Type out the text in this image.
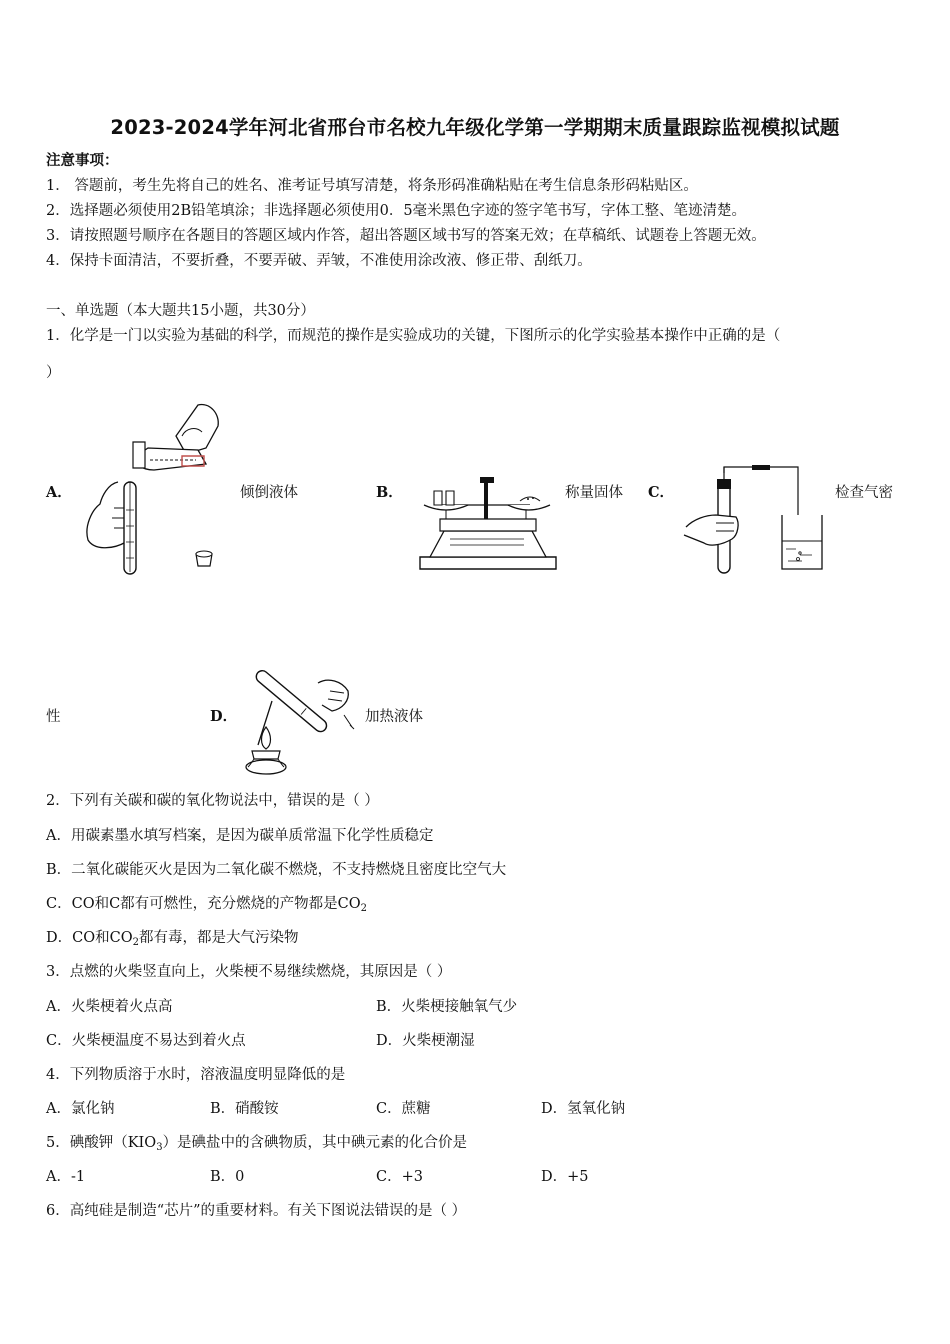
2023-2024学年河北省邢台市名校九年级化学第一学期期末质量跟踪监视模拟试题
注意事项：
1． 答题前，考生先将自己的姓名、准考证号填写清楚，将条形码准确粘贴在考生信息条形码粘贴区。
2．选择题必须使用2B铅笔填涂；非选择题必须使用0．5毫米黑色字迹的签字笔书写，字体工整、笔迹清楚。
3．请按照题号顺序在各题目的答题区域内作答，超出答题区域书写的答案无效；在草稿纸、试题卷上答题无效。
4．保持卡面清洁，不要折叠，不要弄破、弄皱，不准使用涂改液、修正带、刮纸刀。
一、单选题（本大题共15小题，共30分）
1．化学是一门以实验为基础的科学，而规范的操作是实验成功的关键，下图所示的化学实验基本操作中正确的是（
）
A．	倾倒液体	B．	称量固体 C．	检查气密
性	D．	加热液体
2．下列有关碳和碳的氧化物说法中，错误的是（ ）
A．用碳素墨水填写档案，是因为碳单质常温下化学性质稳定
B．二氧化碳能灭火是因为二氧化碳不燃烧，不支持燃烧且密度比空气大
C．CO和C都有可燃性，充分燃烧的产物都是$CO_2$
D．CO和$CO_2$都有毒，都是大气污染物
3．点燃的火柴竖直向上，火柴梗不易继续燃烧，其原因是（ ）
A．火柴梗着火点高	B．火柴梗接触氧气少
C．火柴梗温度不易达到着火点	D．火柴梗潮湿
4．下列物质溶于水时，溶液温度明显降低的是
A．氯化钠	B．硝酸铵	C．蔗糖	D．氢氧化钠
5．碘酸钾$(KIO_3)$是碘盐中的含碘物质，其中碘元素的化合价是
A．-1	B．0	C．+3	D．+5
6．高纯硅是制造“芯片”的重要材料。有关下图说法错误的是（ ）
